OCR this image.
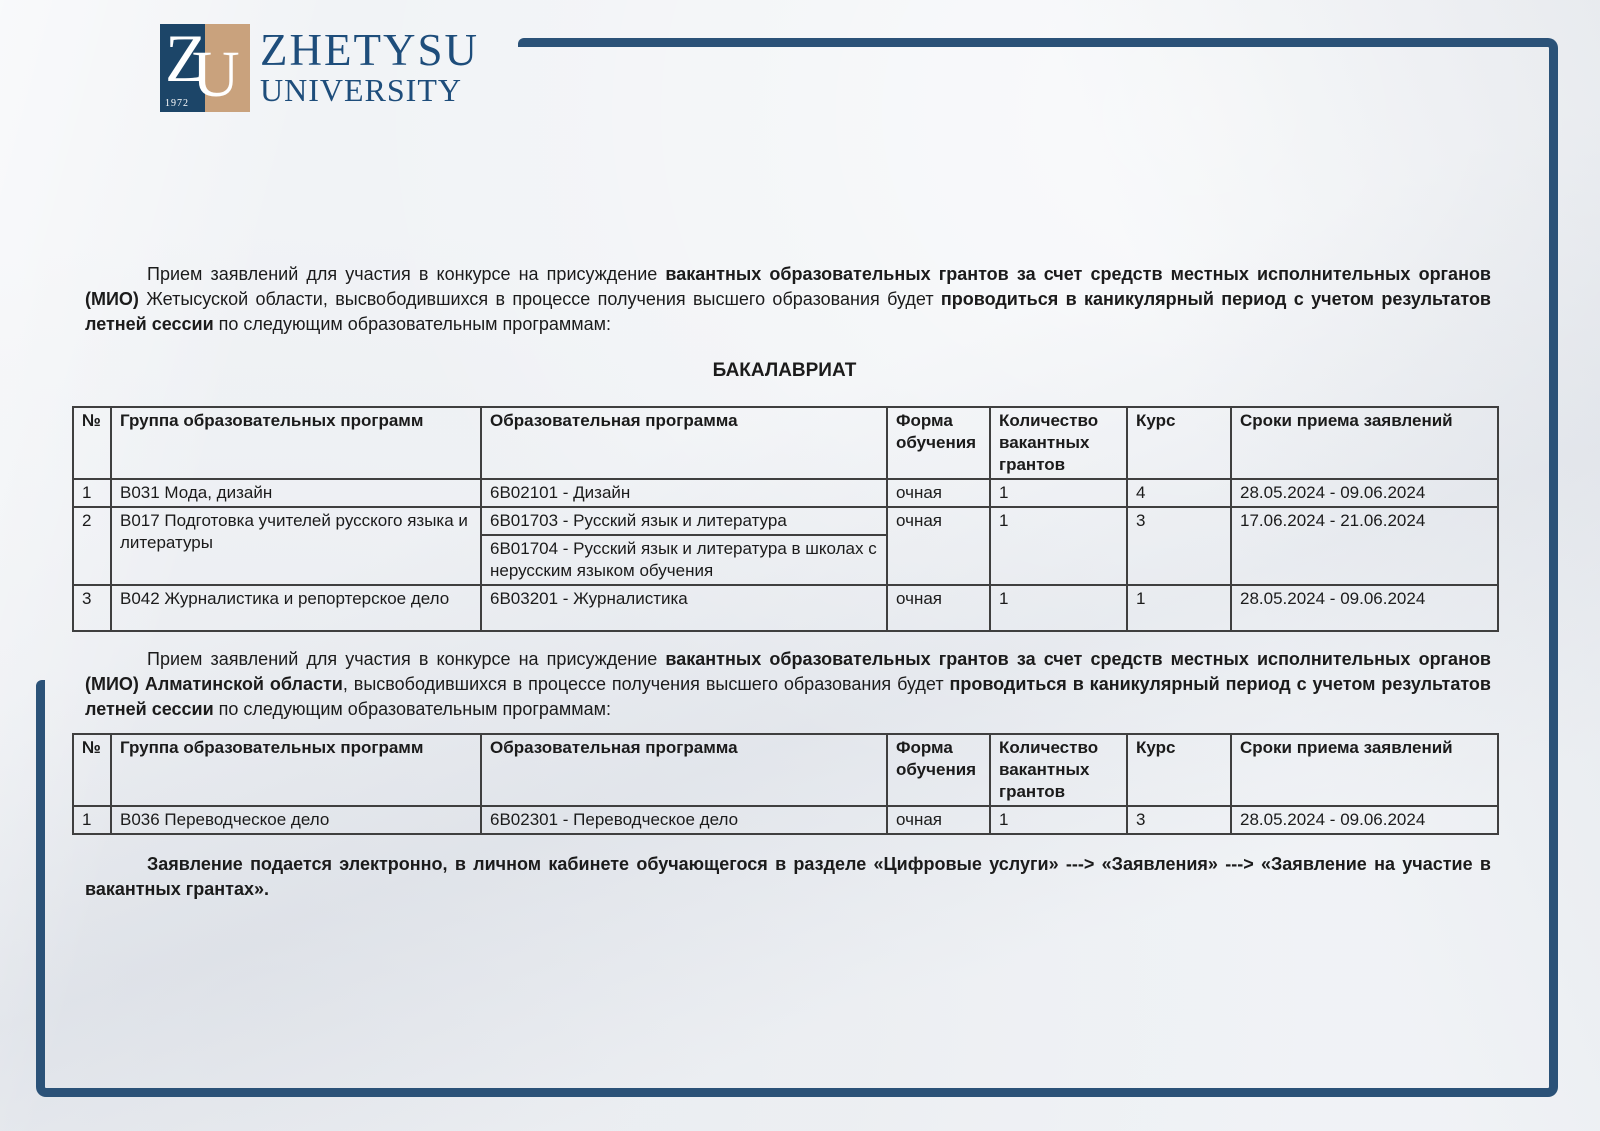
Z
1972 U ZHETYSU
UNIVERSITY

Прием заявлений для участия в конкурсе на присуждение вакантных образовательных грантов за счет средств местных исполнительных органов (МИО) Жетысуской области, высвободившихся в процессе получения высшего образования будет проводиться в каникулярный период с учетом результатов летней сессии по следующим образовательным программам:

БАКАЛАВРИАТ
№	Группа образовательных программ	Образовательная программа	Форма обучения	Количество вакантных грантов	Курс	Сроки приема заявлений
1	B031 Мода, дизайн	6B02101 - Дизайн	очная	1	4	28.05.2024 - 09.06.2024
2	B017 Подготовка учителей русского языка и литературы	6B01703 - Русский язык и литература	очная	1	3	17.06.2024 - 21.06.2024
		6B01704 - Русский язык и литература в школах с нерусским языком обучения				
3	B042 Журналистика и репортерское дело	6B03201 - Журналистика	очная	1	1	28.05.2024 - 09.06.2024

Прием заявлений для участия в конкурсе на присуждение вакантных образовательных грантов за счет средств местных исполнительных органов (МИО) Алматинской области, высвободившихся в процессе получения высшего образования будет проводиться в каникулярный период с учетом результатов летней сессии по следующим образовательным программам:

№	Группа образовательных программ	Образовательная программа	Форма обучения	Количество вакантных грантов	Курс	Сроки приема заявлений
1	B036 Переводческое дело	6B02301 - Переводческое дело	очная	1	3	28.05.2024 - 09.06.2024

Заявление подается электронно, в личном кабинете обучающегося в разделе «Цифровые услуги» ---> «Заявления» ---> «Заявление на участие в вакантных грантах».
